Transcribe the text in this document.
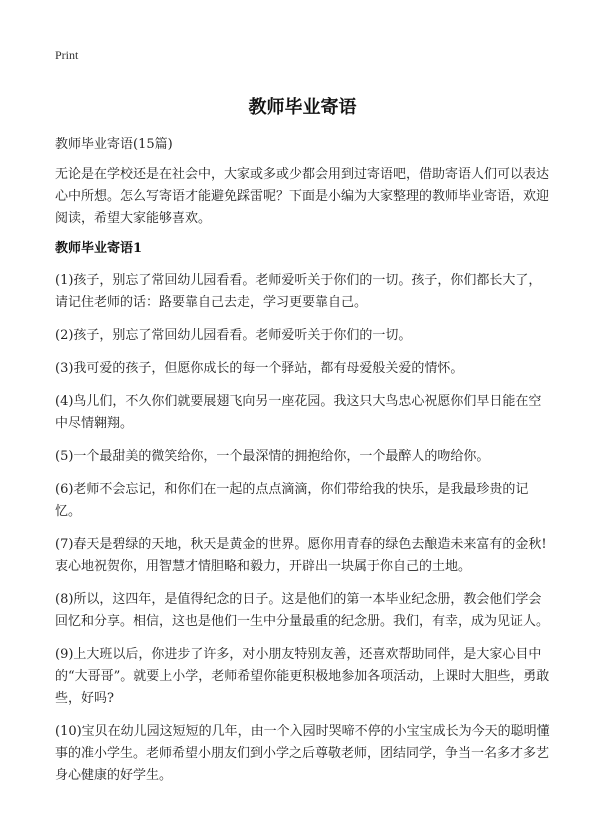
Print
教师毕业寄语
教师毕业寄语(15篇)
无论是在学校还是在社会中，大家或多或少都会用到过寄语吧，借助寄语人们可以表达心中所想。怎么写寄语才能避免踩雷呢？下面是小编为大家整理的教师毕业寄语，欢迎阅读，希望大家能够喜欢。
教师毕业寄语1
(1)孩子，别忘了常回幼儿园看看。老师爱听关于你们的一切。孩子，你们都长大了，请记住老师的话：路要靠自己去走，学习更要靠自己。
(2)孩子，别忘了常回幼儿园看看。老师爱听关于你们的一切。
(3)我可爱的孩子，但愿你成长的每一个驿站，都有母爱般关爱的情怀。
(4)鸟儿们，不久你们就要展翅飞向另一座花园。我这只大鸟忠心祝愿你们早日能在空中尽情翱翔。
(5)一个最甜美的微笑给你，一个最深情的拥抱给你，一个最醉人的吻给你。
(6)老师不会忘记，和你们在一起的点点滴滴，你们带给我的快乐，是我最珍贵的记忆。
(7)春天是碧绿的天地，秋天是黄金的世界。愿你用青春的绿色去酿造未来富有的金秋!衷心地祝贺你，用智慧才情胆略和毅力，开辟出一块属于你自己的土地。
(8)所以，这四年，是值得纪念的日子。这是他们的第一本毕业纪念册，教会他们学会回忆和分享。相信，这也是他们一生中分量最重的纪念册。我们，有幸，成为见证人。
(9)上大班以后，你进步了许多，对小朋友特别友善，还喜欢帮助同伴，是大家心目中的“大哥哥”。就要上小学，老师希望你能更积极地参加各项活动，上课时大胆些，勇敢些，好吗?
(10)宝贝在幼儿园这短短的几年，由一个入园时哭啼不停的小宝宝成长为今天的聪明懂事的准小学生。老师希望小朋友们到小学之后尊敬老师，团结同学，争当一名多才多艺身心健康的好学生。
